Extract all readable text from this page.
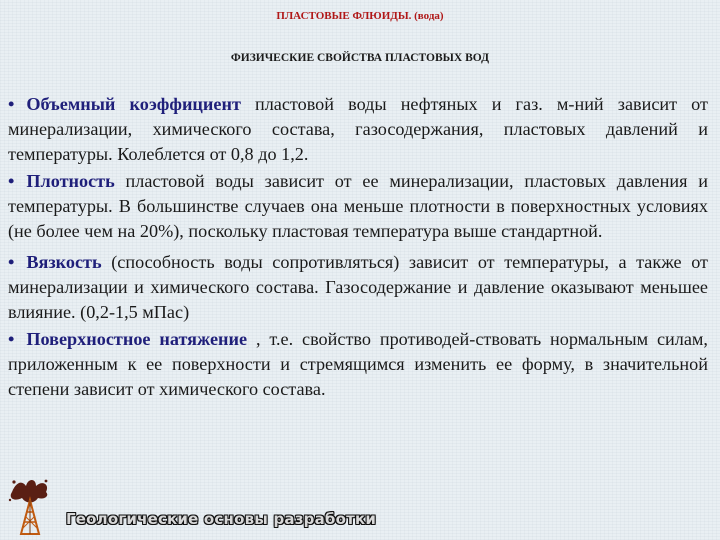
ПЛАСТОВЫЕ ФЛЮИДЫ. (вода)
ФИЗИЧЕСКИЕ СВОЙСТВА ПЛАСТОВЫХ ВОД

• Объемный коэффициент пластовой воды нефтяных и газ. м-ний зависит от минерализации, химического состава, газосодержания, пластовых давлений и температуры. Колеблется от 0,8 до 1,2.

• Плотность пластовой воды зависит от ее минерализации, пластовых давления и температуры. В большинстве случаев она меньше плотности в поверхностных условиях (не более чем на 20%), поскольку пластовая температура выше стандартной.

• Вязкость (способность воды сопротивляться) зависит от температуры, а также от минерализации и химического состава. Газосодержание и давление оказывают меньшее влияние. (0,2-1,5 мПас)

• Поверхностное натяжение , т.е. свойство противодей-ствовать нормальным силам, приложенным к ее поверхности и стремящимся изменить ее форму, в значительной степени зависит от химического состава.

Геологические основы разработки
